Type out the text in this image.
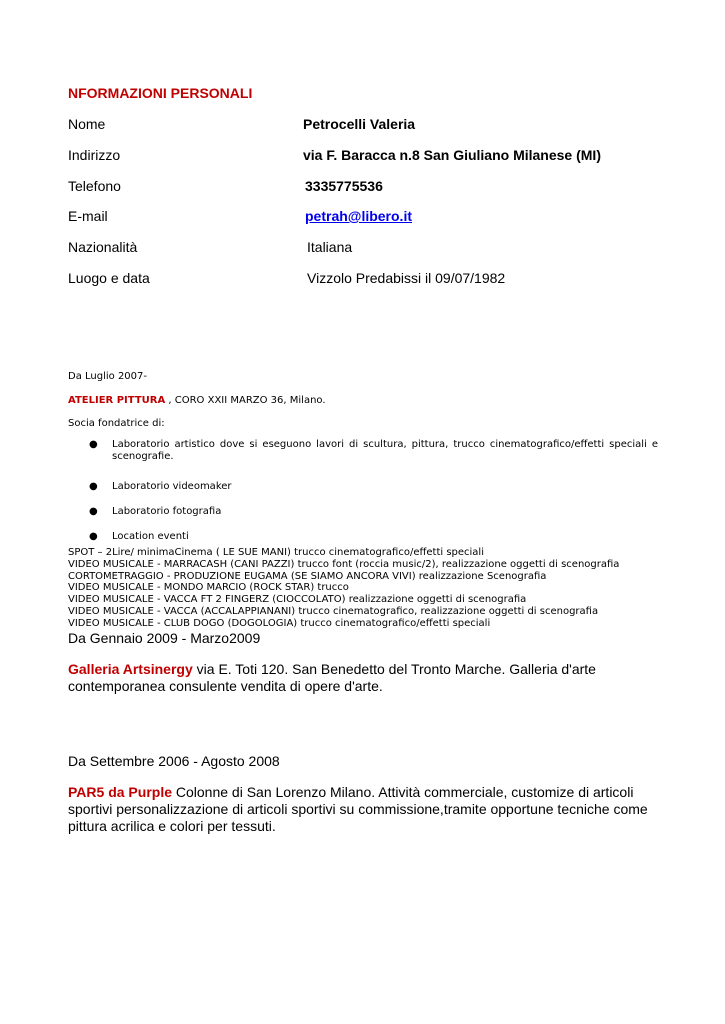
NFORMAZIONI PERSONALI
Nome	Petrocelli Valeria
Indirizzo	via F. Baracca n.8 San Giuliano Milanese (MI)
Telefono	3335775536
E-mail	petrah@libero.it
Nazionalità	Italiana
Luogo e data	Vizzolo Predabissi il 09/07/1982
Da Luglio 2007-
ATELIER PITTURA , CORO XXII MARZO 36, Milano.
Socia fondatrice di:
● Laboratorio artistico dove si eseguono lavori di scultura, pittura, trucco cinematografico/effetti speciali e scenografie.
● Laboratorio videomaker
● Laboratorio fotografia
● Location eventi
SPOT – 2Lire/ minimaCinema ( LE SUE MANI) trucco cinematografico/effetti speciali
VIDEO MUSICALE - MARRACASH (CANI PAZZI) trucco font (roccia music/2), realizzazione oggetti di scenografia
CORTOMETRAGGIO - PRODUZIONE EUGAMA (SE SIAMO ANCORA VIVI) realizzazione Scenografia
VIDEO MUSICALE - MONDO MARCIO (ROCK STAR) trucco
VIDEO MUSICALE - VACCA FT 2 FINGERZ (CIOCCOLATO) realizzazione oggetti di scenografia
VIDEO MUSICALE - VACCA (ACCALAPPIANANI) trucco cinematografico, realizzazione oggetti di scenografia
VIDEO MUSICALE - CLUB DOGO (DOGOLOGIA) trucco cinematografico/effetti speciali
Da Gennaio 2009 - Marzo2009
Galleria Artsinergy via E. Toti 120. San Benedetto del Tronto Marche. Galleria d'arte contemporanea consulente vendita di opere d'arte.
Da Settembre 2006 - Agosto 2008
PAR5 da Purple Colonne di San Lorenzo Milano. Attività commerciale, customize di articoli sportivi personalizzazione di articoli sportivi su commissione,tramite opportune tecniche come pittura acrilica e colori per tessuti.
